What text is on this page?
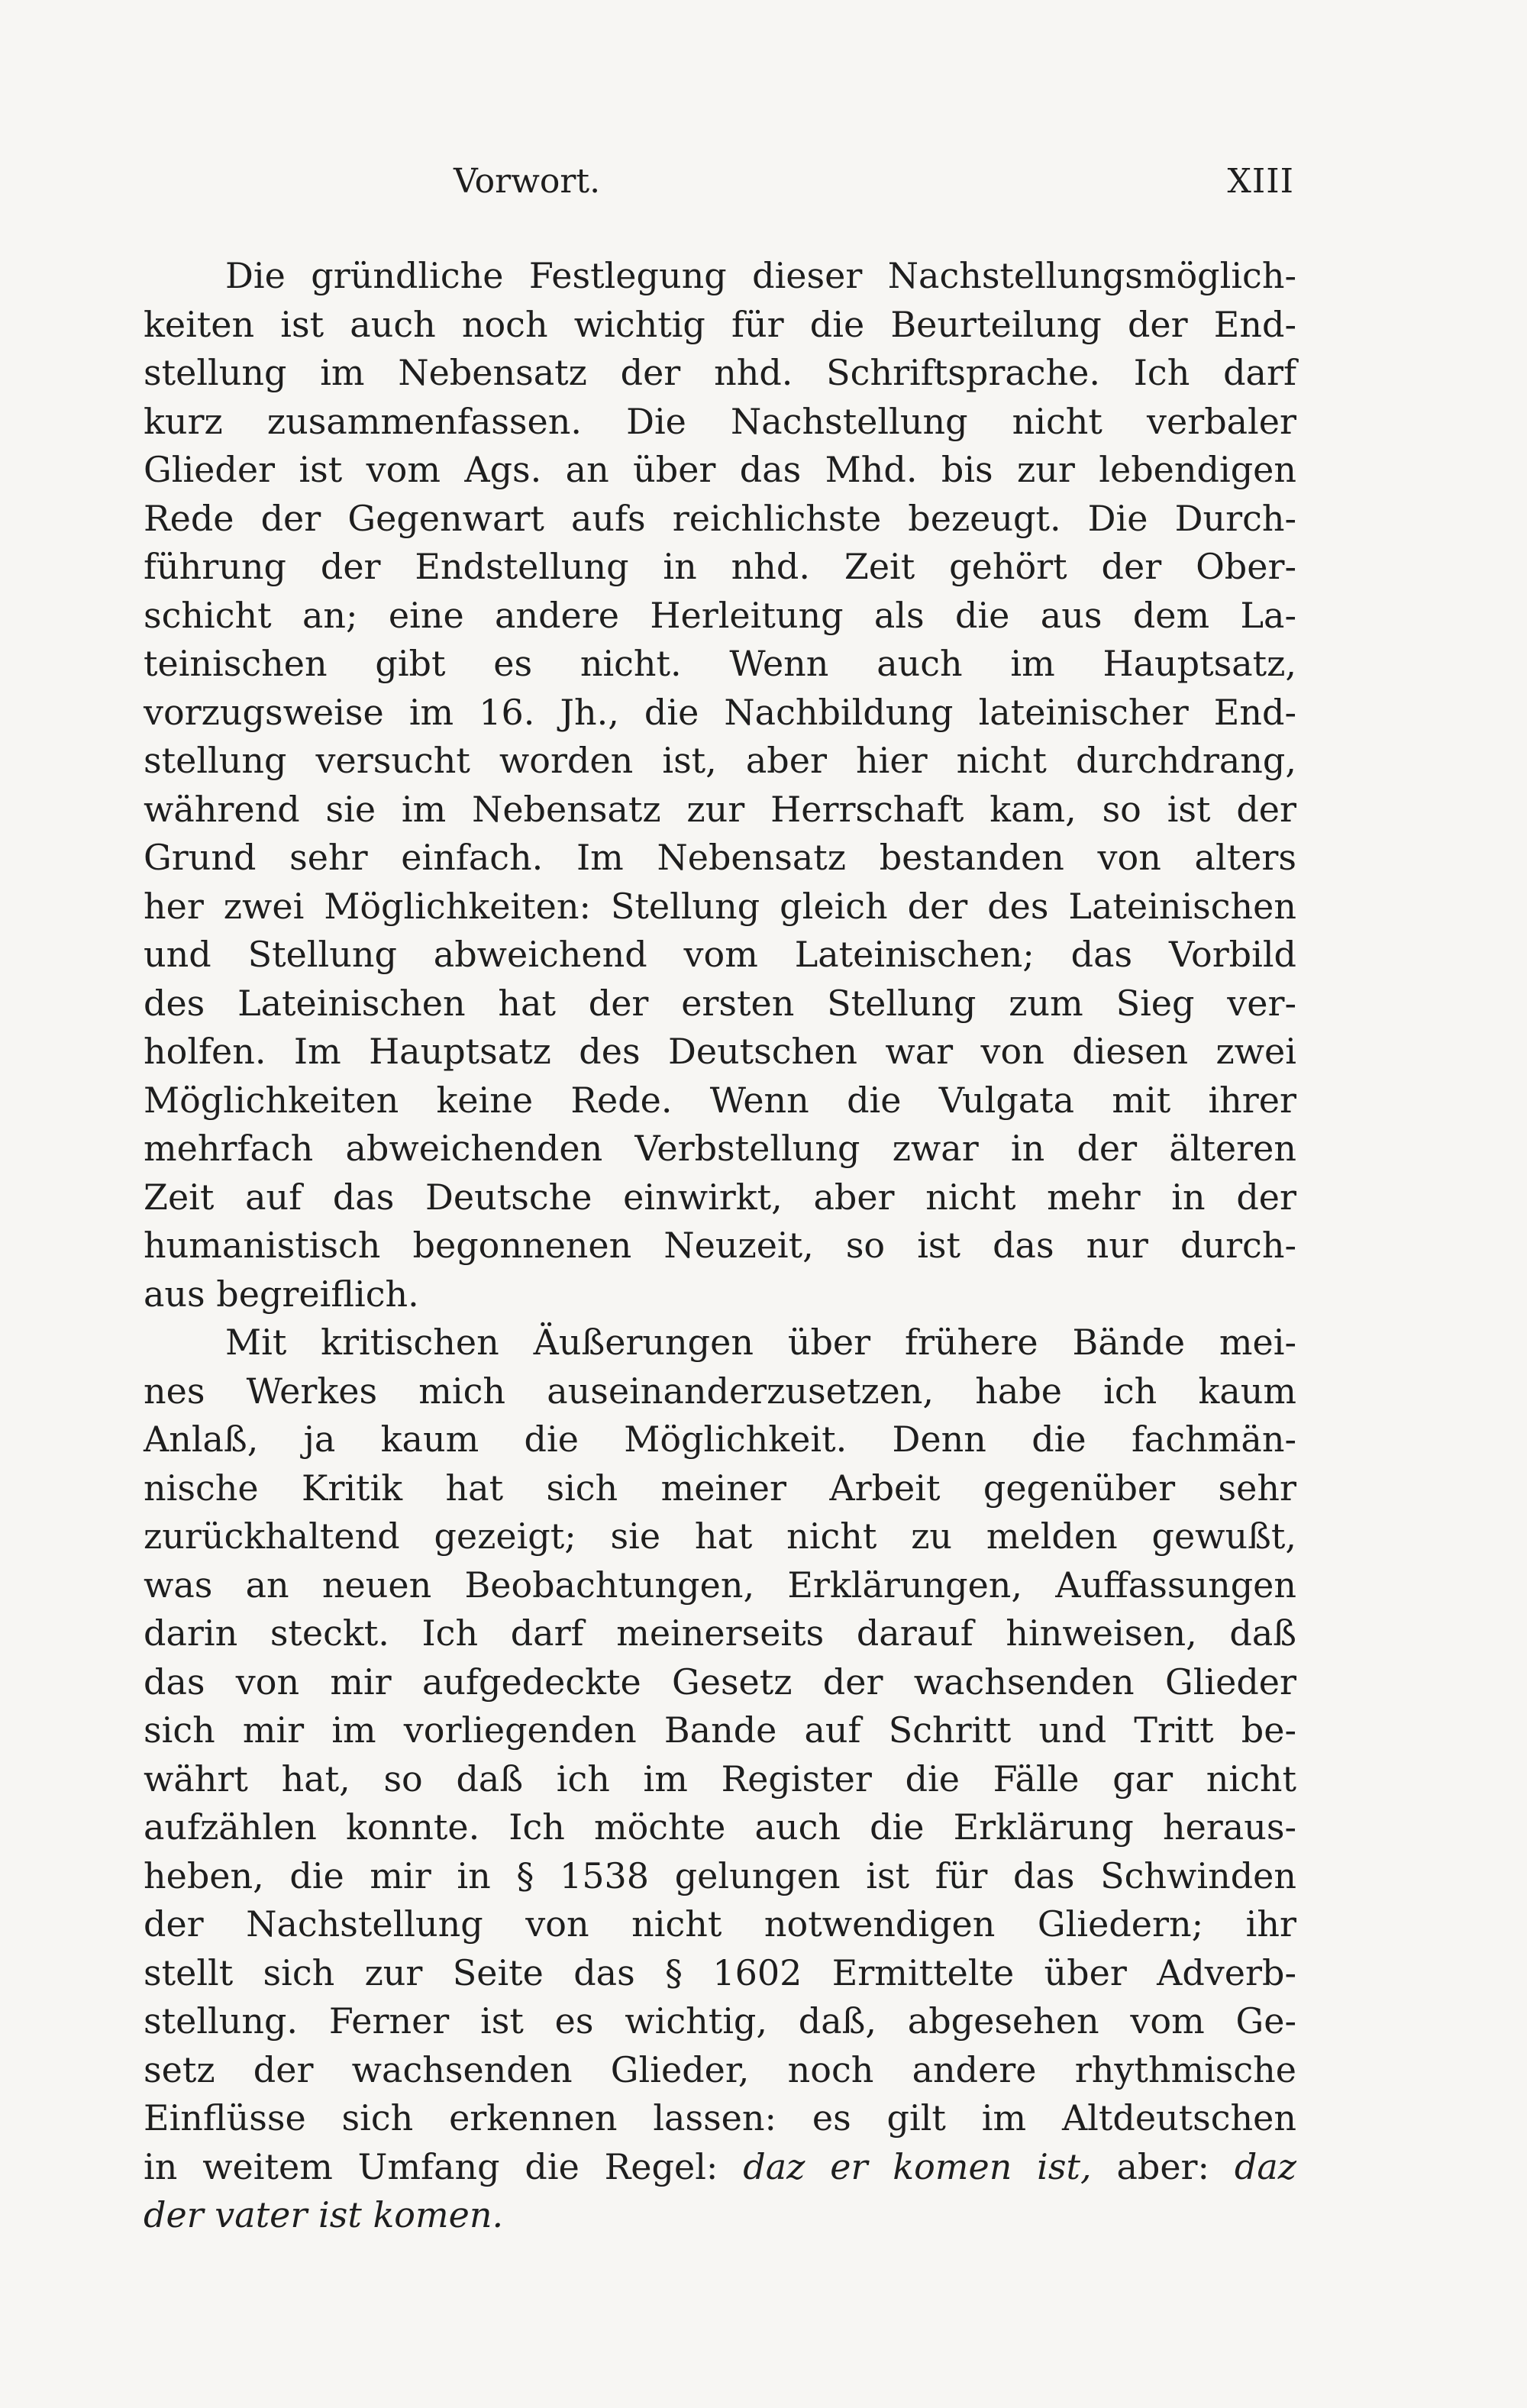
Vorwort.	XIII
Die gründliche Festlegung dieser Nachstellungsmöglich-
keiten ist auch noch wichtig für die Beurteilung der End-
stellung im Nebensatz der nhd. Schriftsprache. Ich darf
kurz zusammenfassen. Die Nachstellung nicht verbaler
Glieder ist vom Ags. an über das Mhd. bis zur lebendigen
Rede der Gegenwart aufs reichlichste bezeugt. Die Durch-
führung der Endstellung in nhd. Zeit gehört der Ober-
schicht an; eine andere Herleitung als die aus dem La-
teinischen gibt es nicht. Wenn auch im Hauptsatz,
vorzugsweise im 16. Jh., die Nachbildung lateinischer End-
stellung versucht worden ist, aber hier nicht durchdrang,
während sie im Nebensatz zur Herrschaft kam, so ist der
Grund sehr einfach. Im Nebensatz bestanden von alters
her zwei Möglichkeiten: Stellung gleich der des Lateinischen
und Stellung abweichend vom Lateinischen; das Vorbild
des Lateinischen hat der ersten Stellung zum Sieg ver-
holfen. Im Hauptsatz des Deutschen war von diesen zwei
Möglichkeiten keine Rede. Wenn die Vulgata mit ihrer
mehrfach abweichenden Verbstellung zwar in der älteren
Zeit auf das Deutsche einwirkt, aber nicht mehr in der
humanistisch begonnenen Neuzeit, so ist das nur durch-
aus begreiflich.
Mit kritischen Äußerungen über frühere Bände mei-
nes Werkes mich auseinanderzusetzen, habe ich kaum
Anlaß, ja kaum die Möglichkeit. Denn die fachmän-
nische Kritik hat sich meiner Arbeit gegenüber sehr
zurückhaltend gezeigt; sie hat nicht zu melden gewußt,
was an neuen Beobachtungen, Erklärungen, Auffassungen
darin steckt. Ich darf meinerseits darauf hinweisen, daß
das von mir aufgedeckte Gesetz der wachsenden Glieder
sich mir im vorliegenden Bande auf Schritt und Tritt be-
währt hat, so daß ich im Register die Fälle gar nicht
aufzählen konnte. Ich möchte auch die Erklärung heraus-
heben, die mir in § 1538 gelungen ist für das Schwinden
der Nachstellung von nicht notwendigen Gliedern; ihr
stellt sich zur Seite das § 1602 Ermittelte über Adverb-
stellung. Ferner ist es wichtig, daß, abgesehen vom Ge-
setz der wachsenden Glieder, noch andere rhythmische
Einflüsse sich erkennen lassen: es gilt im Altdeutschen
in weitem Umfang die Regel: daz er komen ist, aber: daz
der vater ist komen.
